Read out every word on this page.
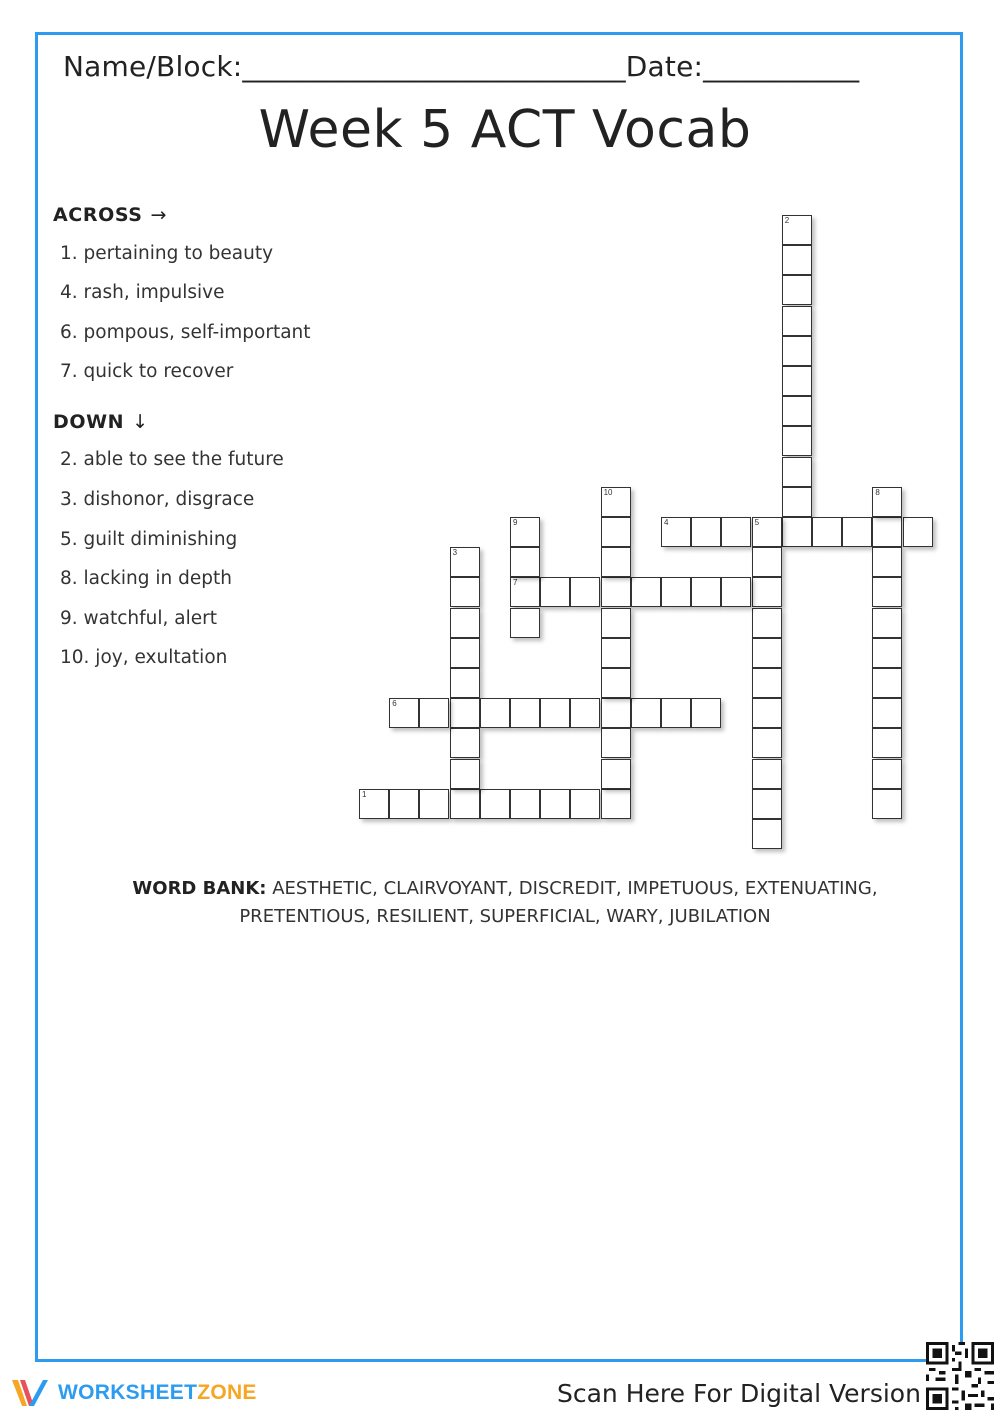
Name/Block:___________________________Date:___________
Week 5 ACT Vocab
ACROSS →
1. pertaining to beauty
4. rash, impulsive
6. pompous, self-important
7. quick to recover
DOWN ↓
2. able to see the future
3. dishonor, disgrace
5. guilt diminishing
8. lacking in depth
9. watchful, alert
10. joy, exultation
1
2
3
4	5
6
7
8
9
10
WORD BANK: AESTHETIC, CLAIRVOYANT, DISCREDIT, IMPETUOUS, EXTENUATING, PRETENTIOUS, RESILIENT, SUPERFICIAL, WARY, JUBILATION
WORKSHEETZONE	Scan Here For Digital Version
